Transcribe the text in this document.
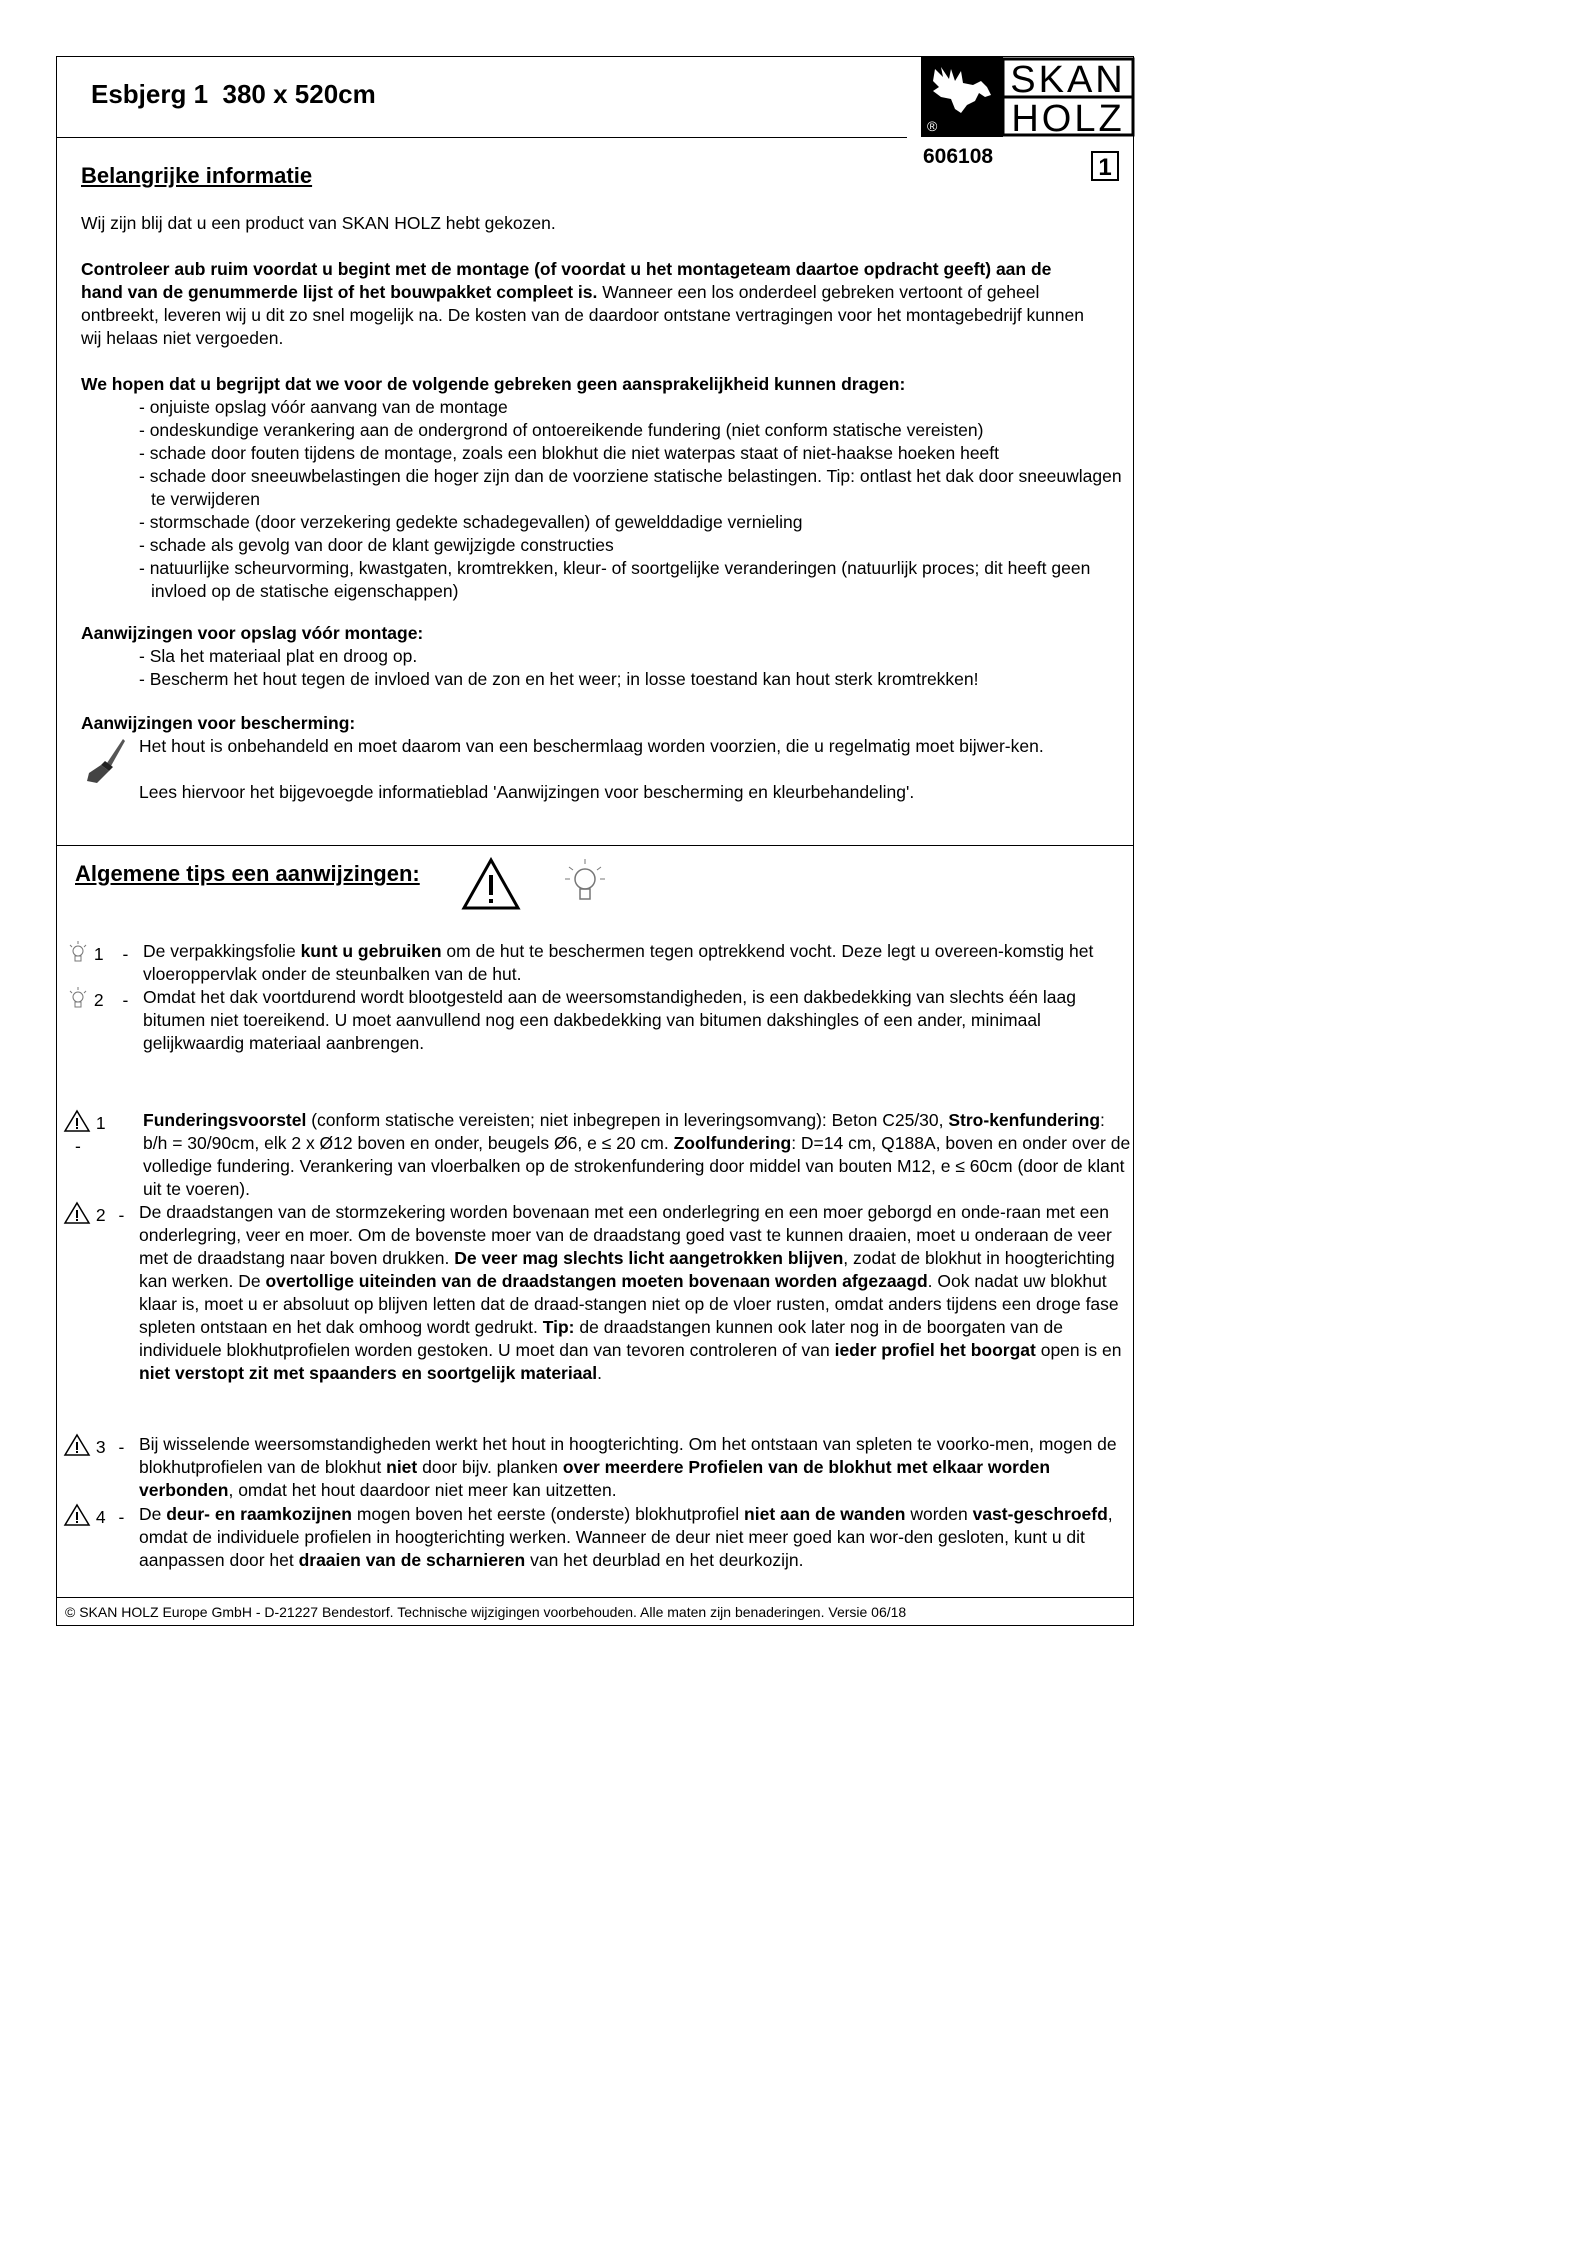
Esbjerg 1  380 x 520cm
®
SKAN
HOLZ
606108	1
Belangrijke informatie
Wij zijn blij dat u een product van SKAN HOLZ hebt gekozen.
Controleer aub ruim voordat u begint met de montage (of voordat u het montageteam daartoe opdracht geeft) aan de hand van de genummerde lijst of het bouwpakket compleet is. Wanneer een los onderdeel gebreken vertoont of geheel ontbreekt, leveren wij u dit zo snel mogelijk na. De kosten van de daardoor ontstane vertragingen voor het montagebedrijf kunnen wij helaas niet vergoeden.
We hopen dat u begrijpt dat we voor de volgende gebreken geen aansprakelijkheid kunnen dragen:
- onjuiste opslag vóór aanvang van de montage
- ondeskundige verankering aan de ondergrond of ontoereikende fundering (niet conform statische vereisten)
- schade door fouten tijdens de montage, zoals een blokhut die niet waterpas staat of niet-haakse hoeken heeft
- schade door sneeuwbelastingen die hoger zijn dan de voorziene statische belastingen. Tip: ontlast het dak door sneeuwlagen te verwijderen
- stormschade (door verzekering gedekte schadegevallen) of gewelddadige vernieling
- schade als gevolg van door de klant gewijzigde constructies
- natuurlijke scheurvorming, kwastgaten, kromtrekken, kleur- of soortgelijke veranderingen (natuurlijk proces; dit heeft geen invloed op de statische eigenschappen)
Aanwijzingen voor opslag vóór montage:
- Sla het materiaal plat en droog op.
- Bescherm het hout tegen de invloed van de zon en het weer; in losse toestand kan hout sterk kromtrekken!
Aanwijzingen voor bescherming:
Het hout is onbehandeld en moet daarom van een beschermlaag worden voorzien, die u regelmatig moet bijwer-ken.
Lees hiervoor het bijgevoegde informatieblad 'Aanwijzingen voor bescherming en kleurbehandeling'.
Algemene tips een aanwijzingen:
1 - De verpakkingsfolie kunt u gebruiken om de hut te beschermen tegen optrekkend vocht. Deze legt u overeen-komstig het vloeroppervlak onder de steunbalken van de hut.
2 - Omdat het dak voortdurend wordt blootgesteld aan de weersomstandigheden, is een dakbedekking van slechts één laag bitumen niet toereikend. U moet aanvullend nog een dakbedekking van bitumen dakshingles of een ander, minimaal gelijkwaardig materiaal aanbrengen.
1 -
Funderingsvoorstel (conform statische vereisten; niet inbegrepen in leveringsomvang): Beton C25/30, Stro-kenfundering: b/h = 30/90cm, elk 2 x Ø12 boven en onder, beugels Ø6, e ≤ 20 cm. Zoolfundering: D=14 cm, Q188A, boven en onder over de volledige fundering. Verankering van vloerbalken op de strokenfundering door middel van bouten M12, e ≤ 60cm (door de klant uit te voeren).
2 - De draadstangen van de stormzekering worden bovenaan met een onderlegring en een moer geborgd en onde-raan met een onderlegring, veer en moer. Om de bovenste moer van de draadstang goed vast te kunnen draaien, moet u onderaan de veer met de draadstang naar boven drukken. De veer mag slechts licht aangetrokken blijven, zodat de blokhut in hoogterichting kan werken. De overtollige uiteinden van de draadstangen moeten bovenaan worden afgezaagd. Ook nadat uw blokhut klaar is, moet u er absoluut op blijven letten dat de draad-stangen niet op de vloer rusten, omdat anders tijdens een droge fase spleten ontstaan en het dak omhoog wordt gedrukt. Tip: de draadstangen kunnen ook later nog in de boorgaten van de individuele blokhutprofielen worden gestoken. U moet dan van tevoren controleren of van ieder profiel het boorgat open is en niet verstopt zit met spaanders en soortgelijk materiaal.
3 - Bij wisselende weersomstandigheden werkt het hout in hoogterichting. Om het ontstaan van spleten te voorko-men, mogen de blokhutprofielen van de blokhut niet door bijv. planken over meerdere Profielen van de blokhut met elkaar worden verbonden, omdat het hout daardoor niet meer kan uitzetten.
4 - De deur- en raamkozijnen mogen boven het eerste (onderste) blokhutprofiel niet aan de wanden worden vast-geschroefd, omdat de individuele profielen in hoogterichting werken. Wanneer de deur niet meer goed kan wor-den gesloten, kunt u dit aanpassen door het draaien van de scharnieren van het deurblad en het deurkozijn.
© SKAN HOLZ Europe GmbH - D-21227 Bendestorf. Technische wijzigingen voorbehouden. Alle maten zijn benaderingen. Versie 06/18
